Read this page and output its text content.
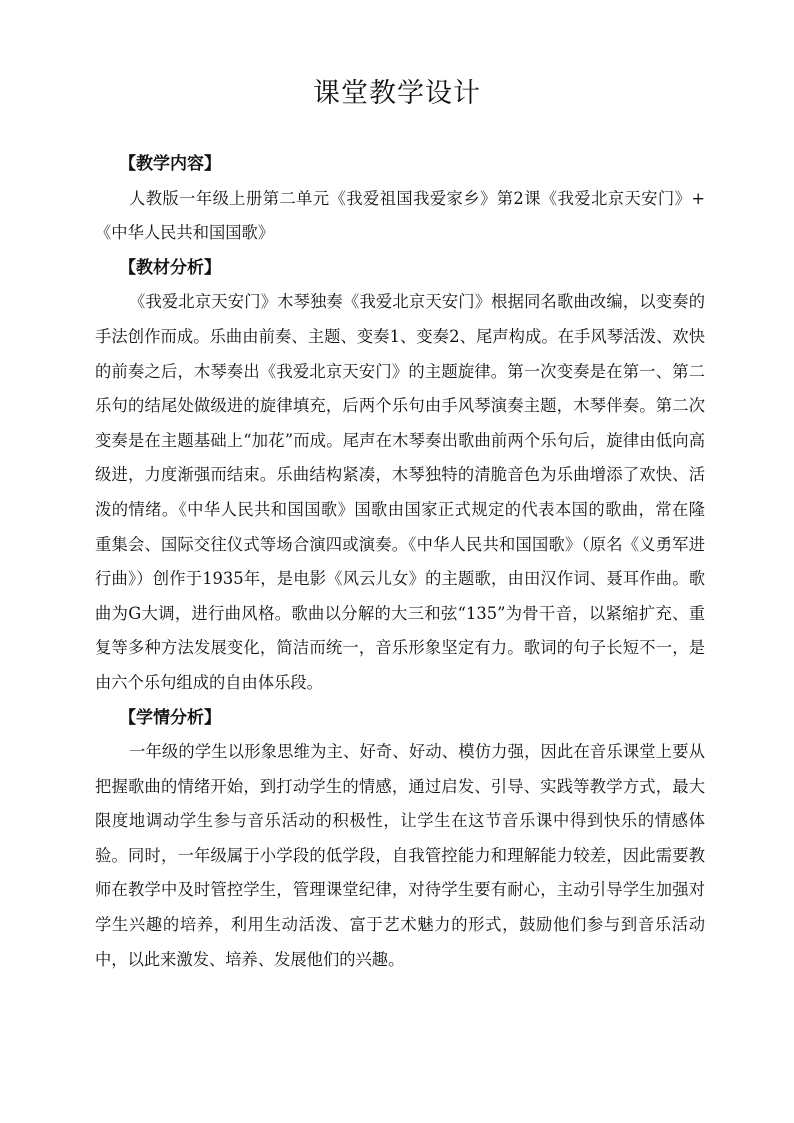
课堂教学设计
【教学内容】

人教版一年级上册第二单元《我爱祖国我爱家乡》第2课《我爱北京天安门》+《中华人民共和国国歌》

【教材分析】

《我爱北京天安门》木琴独奏《我爱北京天安门》根据同名歌曲改编，以变奏的手法创作而成。乐曲由前奏、主题、变奏1、变奏2、尾声构成。在手风琴活泼、欢快的前奏之后，木琴奏出《我爱北京天安门》的主题旋律。第一次变奏是在第一、第二乐句的结尾处做级进的旋律填充，后两个乐句由手风琴演奏主题，木琴伴奏。第二次变奏是在主题基础上“加花”而成。尾声在木琴奏出歌曲前两个乐句后，旋律由低向高级进，力度渐强而结束。乐曲结构紧凑，木琴独特的清脆音色为乐曲增添了欢快、活泼的情绪。《中华人民共和国国歌》国歌由国家正式规定的代表本国的歌曲，常在隆重集会、国际交往仪式等场合演四或演奏。《中华人民共和国国歌》（原名《义勇军进行曲》）创作于1935年，是电影《风云儿女》的主题歌，由田汉作词、聂耳作曲。歌曲为G大调，进行曲风格。歌曲以分解的大三和弦“135”为骨干音，以紧缩扩充、重复等多种方法发展变化，简洁而统一，音乐形象坚定有力。歌词的句子长短不一，是由六个乐句组成的自由体乐段。

【学情分析】

一年级的学生以形象思维为主、好奇、好动、模仿力强，因此在音乐课堂上要从把握歌曲的情绪开始，到打动学生的情感，通过启发、引导、实践等教学方式，最大限度地调动学生参与音乐活动的积极性，让学生在这节音乐课中得到快乐的情感体验。同时，一年级属于小学段的低学段，自我管控能力和理解能力较差，因此需要教师在教学中及时管控学生，管理课堂纪律，对待学生要有耐心，主动引导学生加强对学生兴趣的培养，利用生动活泼、富于艺术魅力的形式，鼓励他们参与到音乐活动中，以此来激发、培养、发展他们的兴趣。
